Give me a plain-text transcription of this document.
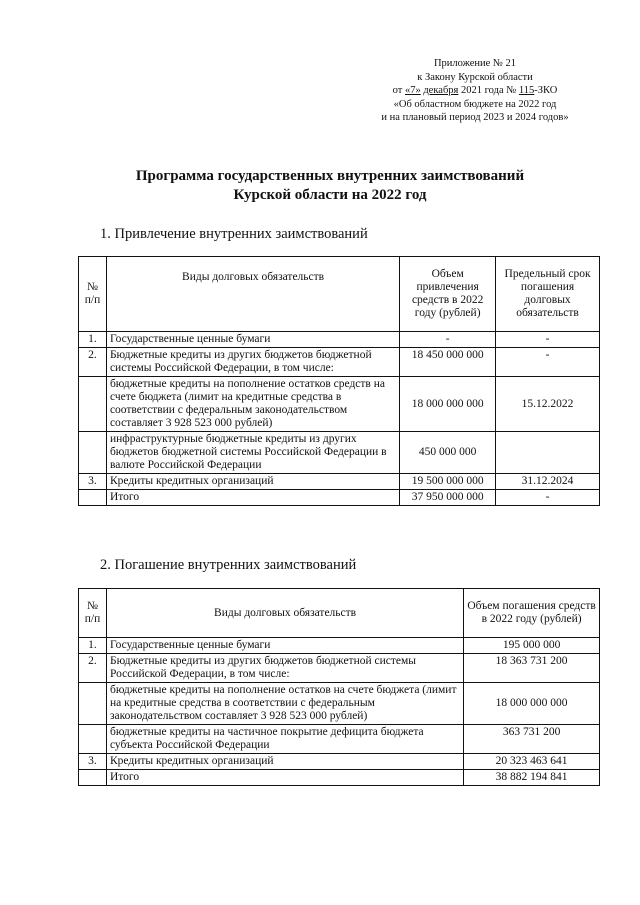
Приложение № 21
к Закону Курской области
от «7» декабря 2021 года № 115-ЗКО
«Об областном бюджете на 2022 год
и на плановый период 2023 и 2024 годов»
Программа государственных внутренних заимствований
Курской области на 2022 год
1. Привлечение внутренних заимствований
№ п/п	Виды долговых обязательств	Объем привлечения средств в 2022 году (рублей)	Предельный срок погашения долговых обязательств
1.	Государственные ценные бумаги	-	-
2.	Бюджетные кредиты из других бюджетов бюджетной системы Российской Федерации, в том числе:	18 450 000 000	-
	бюджетные кредиты на пополнение остатков средств на счете бюджета (лимит на кредитные средства в соответствии с федеральным законодательством составляет 3 928 523 000 рублей)	18 000 000 000	15.12.2022
	инфраструктурные бюджетные кредиты из других бюджетов бюджетной системы Российской Федерации в валюте Российской Федерации	450 000 000	
3.	Кредиты кредитных организаций	19 500 000 000	31.12.2024
	Итого	37 950 000 000	-
2. Погашение внутренних заимствований
№ п/п	Виды долговых обязательств	Объем погашения средств в 2022 году (рублей)
1.	Государственные ценные бумаги	195 000 000
2.	Бюджетные кредиты из других бюджетов бюджетной системы Российской Федерации, в том числе:	18 363 731 200
	бюджетные кредиты на пополнение остатков на счете бюджета (лимит на кредитные средства в соответствии с федеральным законодательством составляет 3 928 523 000 рублей)	18 000 000 000
	бюджетные кредиты на частичное покрытие дефицита бюджета субъекта Российской Федерации	363 731 200
3.	Кредиты кредитных организаций	20 323 463 641
	Итого	38 882 194 841
